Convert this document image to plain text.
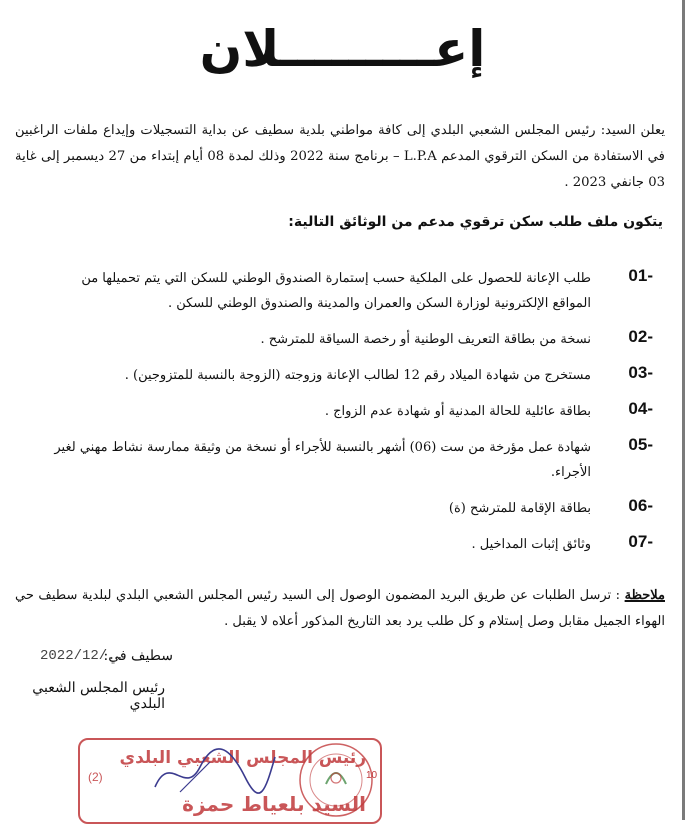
إعـــــــــلان
يعلن السيد: رئيس المجلس الشعبي البلدي إلى كافة مواطني بلدية سطيف عن بداية التسجيلات وإيداع ملفات الراغبين في الاستفادة من السكن الترقوي المدعم L.P.A – برنامج سنة 2022 وذلك لمدة 08 أيام إبتداء من 27 ديسمبر إلى غاية 03 جانفي 2023 .
يتكون ملف طلب سكن ترقوي مدعم من الوثائق التالية:
01-
طلب الإعانة للحصول على الملكية حسب إستمارة الصندوق الوطني للسكن التي يتم تحميلها من المواقع الإلكترونية لوزارة السكن والعمران والمدينة والصندوق الوطني للسكن .
02-
نسخة من بطاقة التعريف الوطنية أو رخصة السياقة للمترشح .
03-
مستخرج من شهادة الميلاد رقم 12 لطالب الإعانة وزوجته (الزوجة بالنسبة للمتزوجين) .
04-
بطاقة عائلية للحالة المدنية أو شهادة عدم الزواج .
05-
شهادة عمل مؤرخة من ست (06) أشهر بالنسبة للأجراء أو نسخة من وثيقة ممارسة نشاط مهني لغير الأجراء.
06-
بطاقة الإقامة للمترشح (ة)
07-
وثائق إثبات المداخيل .
ملاحظة : ترسل الطلبات عن طريق البريد المضمون الوصول إلى السيد رئيس المجلس الشعبي البلدي لبلدية سطيف حي الهواء الجميل مقابل وصل إستلام و كل طلب يرد بعد التاريخ المذكور أعلاه لا يقبل .
سطيف في:
2022/12/..
رئيس المجلس الشعبي البلدي
رئيس المجلس الشعبي البلدي
(2)
السيد بلعياط حمزة
10
